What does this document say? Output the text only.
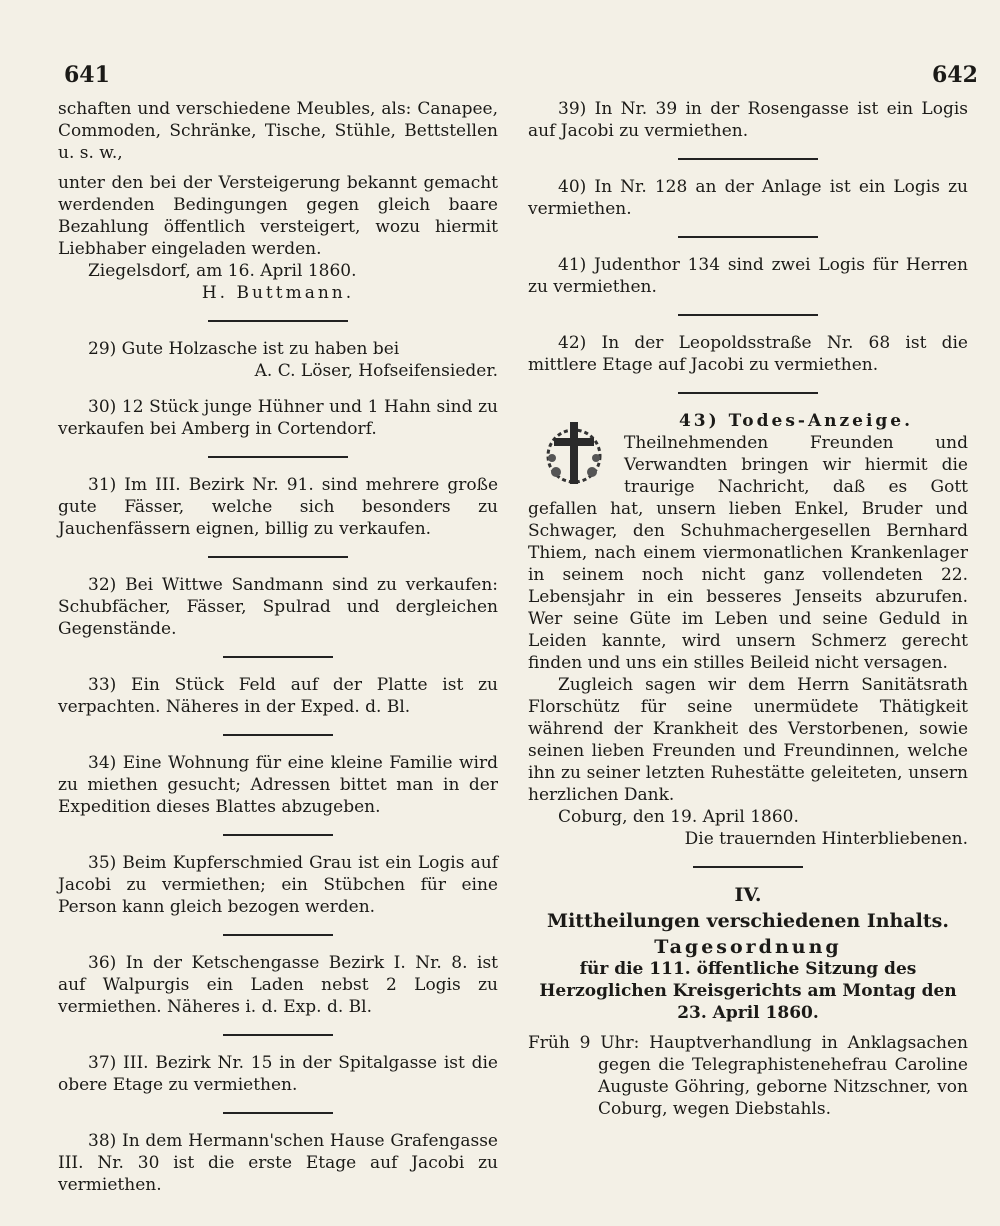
641	642

schaften und verschiedene Meubles, als: Canapee, Commoden, Schränke, Tische, Stühle, Bettstellen u. s. w.,

unter den bei der Versteigerung bekannt gemacht werdenden Bedingungen gegen gleich baare Bezahlung öffentlich versteigert, wozu hiermit Liebhaber eingeladen werden.

Ziegelsdorf, am 16. April 1860.

H. Buttmann.

29) Gute Holzasche ist zu haben bei

A. C. Löser, Hofseifensieder.

30) 12 Stück junge Hühner und 1 Hahn sind zu verkaufen bei Amberg in Cortendorf.

31) Im III. Bezirk Nr. 91. sind mehrere große gute Fässer, welche sich besonders zu Jauchenfässern eignen, billig zu verkaufen.

32) Bei Wittwe Sandmann sind zu verkaufen: Schubfächer, Fässer, Spulrad und dergleichen Gegenstände.

33) Ein Stück Feld auf der Platte ist zu verpachten. Näheres in der Exped. d. Bl.

34) Eine Wohnung für eine kleine Familie wird zu miethen gesucht; Adressen bittet man in der Expedition dieses Blattes abzugeben.

35) Beim Kupferschmied Grau ist ein Logis auf Jacobi zu vermiethen; ein Stübchen für eine Person kann gleich bezogen werden.

36) In der Ketschengasse Bezirk I. Nr. 8. ist auf Walpurgis ein Laden nebst 2 Logis zu vermiethen. Näheres i. d. Exp. d. Bl.

37) III. Bezirk Nr. 15 in der Spitalgasse ist die obere Etage zu vermiethen.

38) In dem Hermann'schen Hause Grafengasse III. Nr. 30 ist die erste Etage auf Jacobi zu vermiethen.

39) In Nr. 39 in der Rosengasse ist ein Logis auf Jacobi zu vermiethen.

40) In Nr. 128 an der Anlage ist ein Logis zu vermiethen.

41) Judenthor 134 sind zwei Logis für Herren zu vermiethen.

42) In der Leopoldsstraße Nr. 68 ist die mittlere Etage auf Jacobi zu vermiethen.

43) Todes-Anzeige.

Theilnehmenden Freunden und Verwandten bringen wir hiermit die traurige Nachricht, daß es Gott gefallen hat, unsern lieben Enkel, Bruder und Schwager, den Schuhmachergesellen Bernhard Thiem, nach einem viermonatlichen Krankenlager in seinem noch nicht ganz vollendeten 22. Lebensjahr in ein besseres Jenseits abzurufen. Wer seine Güte im Leben und seine Geduld in Leiden kannte, wird unsern Schmerz gerecht finden und uns ein stilles Beileid nicht versagen.

Zugleich sagen wir dem Herrn Sanitätsrath Florschütz für seine unermüdete Thätigkeit während der Krankheit des Verstorbenen, sowie seinen lieben Freunden und Freundinnen, welche ihn zu seiner letzten Ruhestätte geleiteten, unsern herzlichen Dank.

Coburg, den 19. April 1860.

Die trauernden Hinterbliebenen.

IV.
Mittheilungen verschiedenen Inhalts.
Tagesordnung

für die 111. öffentliche Sitzung des Herzoglichen Kreisgerichts am Montag den 23. April 1860.

Früh 9 Uhr: Hauptverhandlung in Anklagsachen gegen die Telegraphistenehefrau Caroline Auguste Göhring, geborne Nitzschner, von Coburg, wegen Diebstahls.
